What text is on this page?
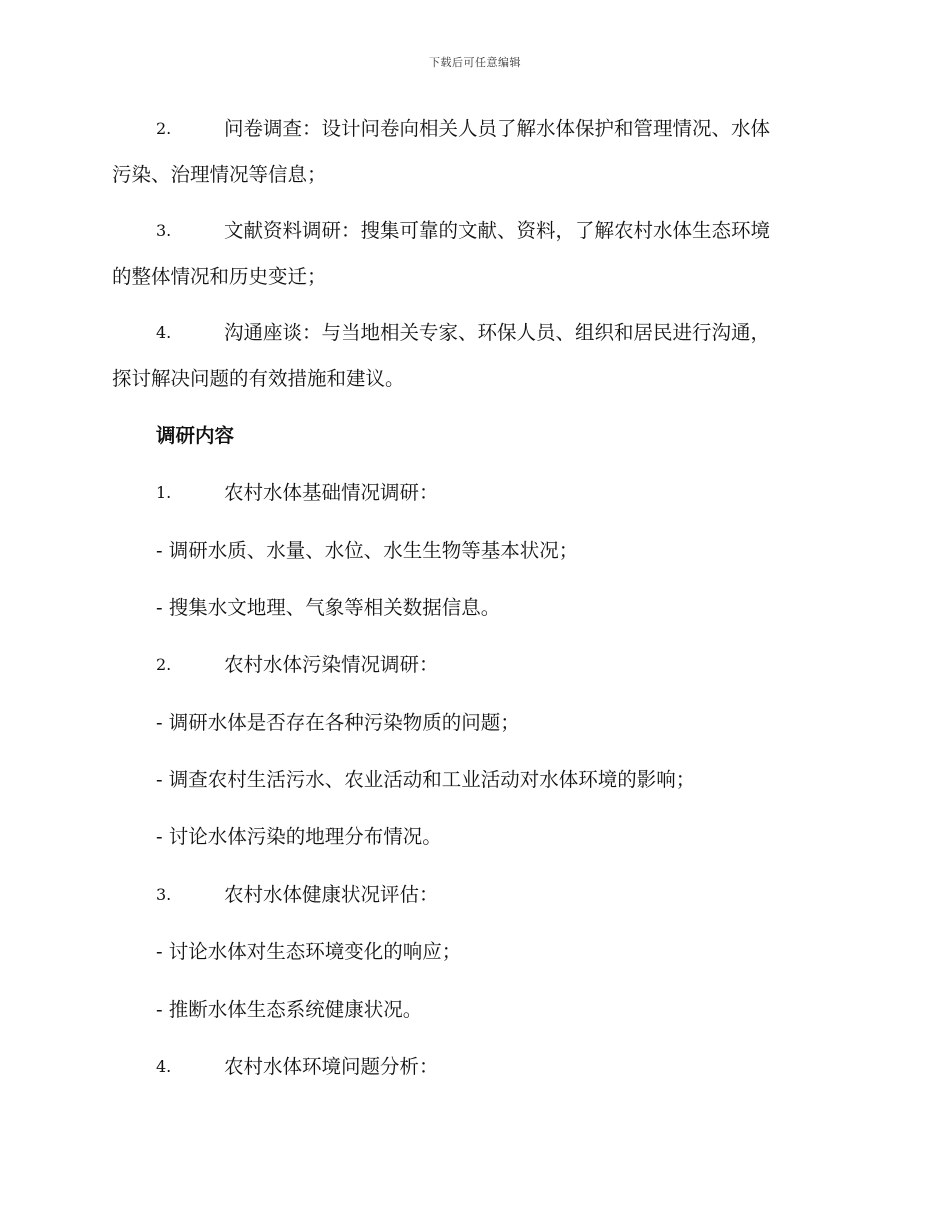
下载后可任意编辑
2.	问卷调查：设计问卷向相关人员了解水体保护和管理情况、水体
污染、治理情况等信息；
3.	文献资料调研：搜集可靠的文献、资料，了解农村水体生态环境
的整体情况和历史变迁；
4.	沟通座谈：与当地相关专家、环保人员、组织和居民进行沟通，
探讨解决问题的有效措施和建议。
调研内容
1.	农村水体基础情况调研：
- 调研水质、水量、水位、水生生物等基本状况；
- 搜集水文地理、气象等相关数据信息。
2.	农村水体污染情况调研：
- 调研水体是否存在各种污染物质的问题；
- 调查农村生活污水、农业活动和工业活动对水体环境的影响；
- 讨论水体污染的地理分布情况。
3.	农村水体健康状况评估：
- 讨论水体对生态环境变化的响应；
- 推断水体生态系统健康状况。
4.	农村水体环境问题分析：
